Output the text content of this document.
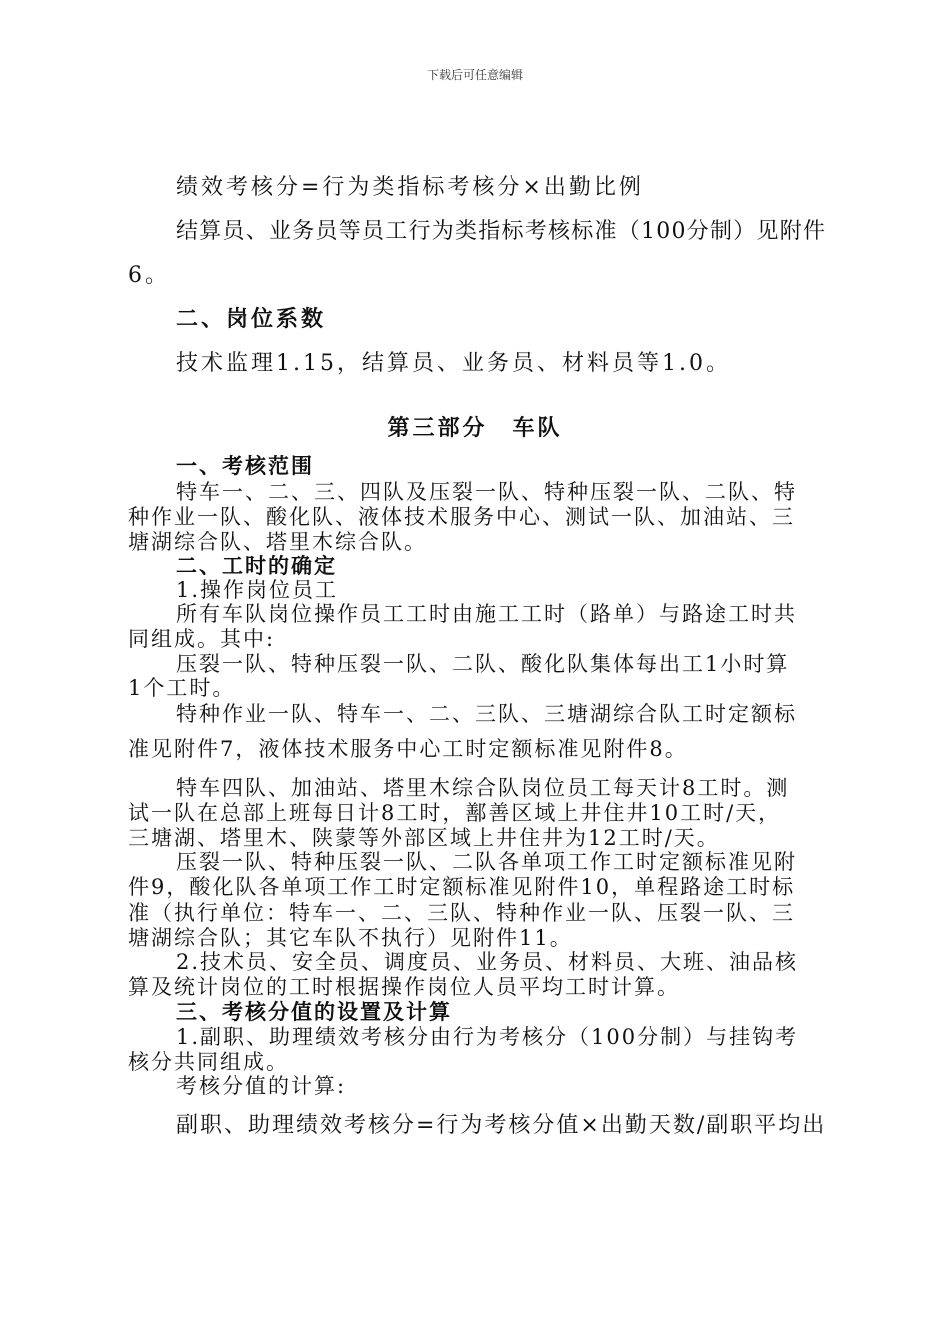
下载后可任意编辑

绩效考核分=行为类指标考核分×出勤比例

结算员、业务员等员工行为类指标考核标准（100分制）见附件

6。

二、岗位系数

技术监理1.15，结算员、业务员、材料员等1.0。

第三部分　车队

一、考核范围

特车一、二、三、四队及压裂一队、特种压裂一队、二队、特

种作业一队、酸化队、液体技术服务中心、测试一队、加油站、三

塘湖综合队、塔里木综合队。

二、工时的确定

1.操作岗位员工

所有车队岗位操作员工工时由施工工时（路单）与路途工时共

同组成。其中:

压裂一队、特种压裂一队、二队、酸化队集体每出工1小时算

1个工时。

特种作业一队、特车一、二、三队、三塘湖综合队工时定额标

准见附件7，液体技术服务中心工时定额标准见附件8。

特车四队、加油站、塔里木综合队岗位员工每天计8工时。测

试一队在总部上班每日计8工时，鄯善区域上井住井10工时/天，

三塘湖、塔里木、陕蒙等外部区域上井住井为12工时/天。

压裂一队、特种压裂一队、二队各单项工作工时定额标准见附

件9，酸化队各单项工作工时定额标准见附件10，单程路途工时标

准（执行单位：特车一、二、三队、特种作业一队、压裂一队、三

塘湖综合队；其它车队不执行）见附件11。

2.技术员、安全员、调度员、业务员、材料员、大班、油品核

算及统计岗位的工时根据操作岗位人员平均工时计算。

三、考核分值的设置及计算

1.副职、助理绩效考核分由行为考核分（100分制）与挂钩考

核分共同组成。

考核分值的计算:

副职、助理绩效考核分=行为考核分值×出勤天数/副职平均出
